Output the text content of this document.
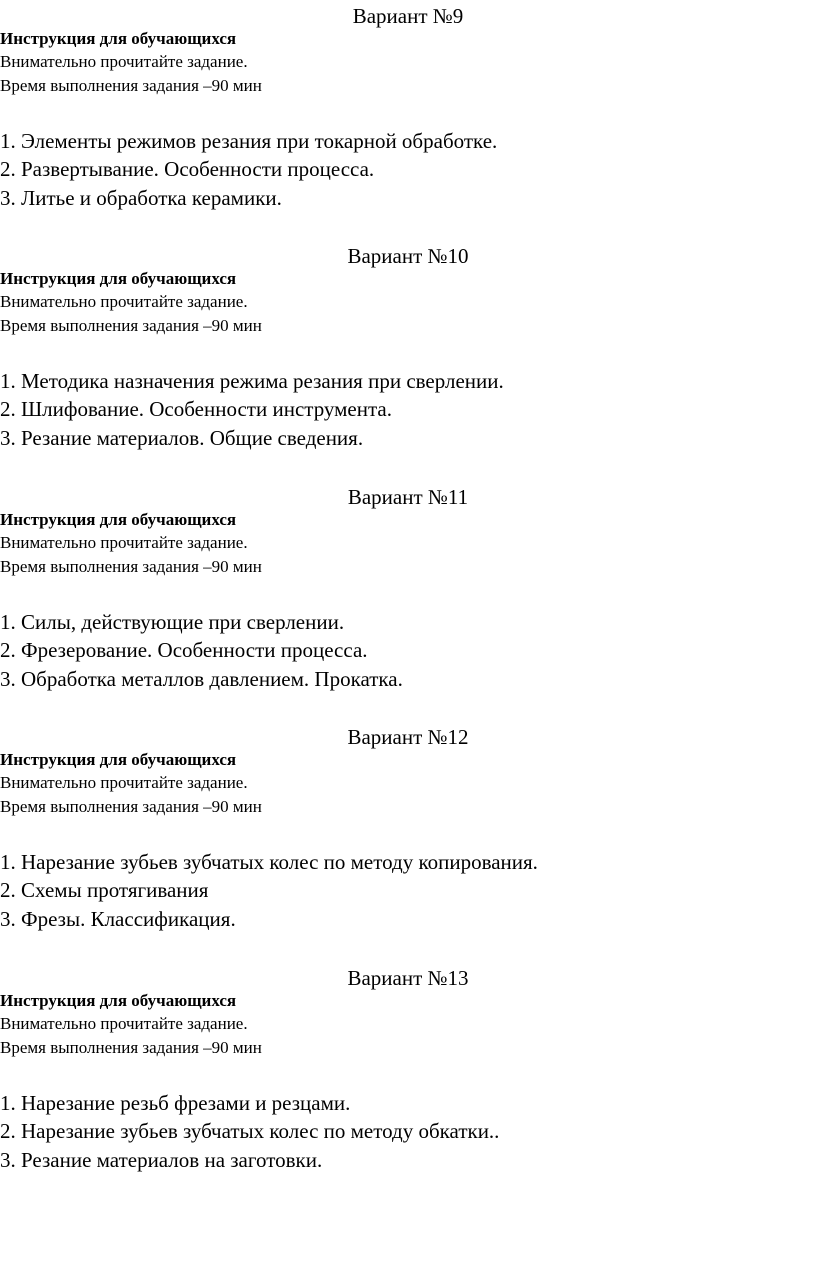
Вариант №9
Инструкция для обучающихся
Внимательно прочитайте задание.
Время выполнения задания –90 мин
1. Элементы режимов резания при токарной обработке.
2. Развертывание. Особенности процесса.
3. Литье и обработка керамики.
Вариант №10
Инструкция для обучающихся
Внимательно прочитайте задание.
Время выполнения задания –90 мин
1. Методика назначения режима резания при сверлении.
2. Шлифование. Особенности инструмента.
3. Резание материалов. Общие сведения.
Вариант №11
Инструкция для обучающихся
Внимательно прочитайте задание.
Время выполнения задания –90 мин
1. Силы, действующие при сверлении.
2. Фрезерование. Особенности процесса.
3. Обработка металлов давлением. Прокатка.
Вариант №12
Инструкция для обучающихся
Внимательно прочитайте задание.
Время выполнения задания –90 мин
1. Нарезание зубьев зубчатых колес по методу копирования.
2. Схемы протягивания
3. Фрезы. Классификация.
Вариант №13
Инструкция для обучающихся
Внимательно прочитайте задание.
Время выполнения задания –90 мин
1. Нарезание резьб фрезами и резцами.
2. Нарезание зубьев зубчатых колес по методу обкатки..
3. Резание материалов на заготовки.
